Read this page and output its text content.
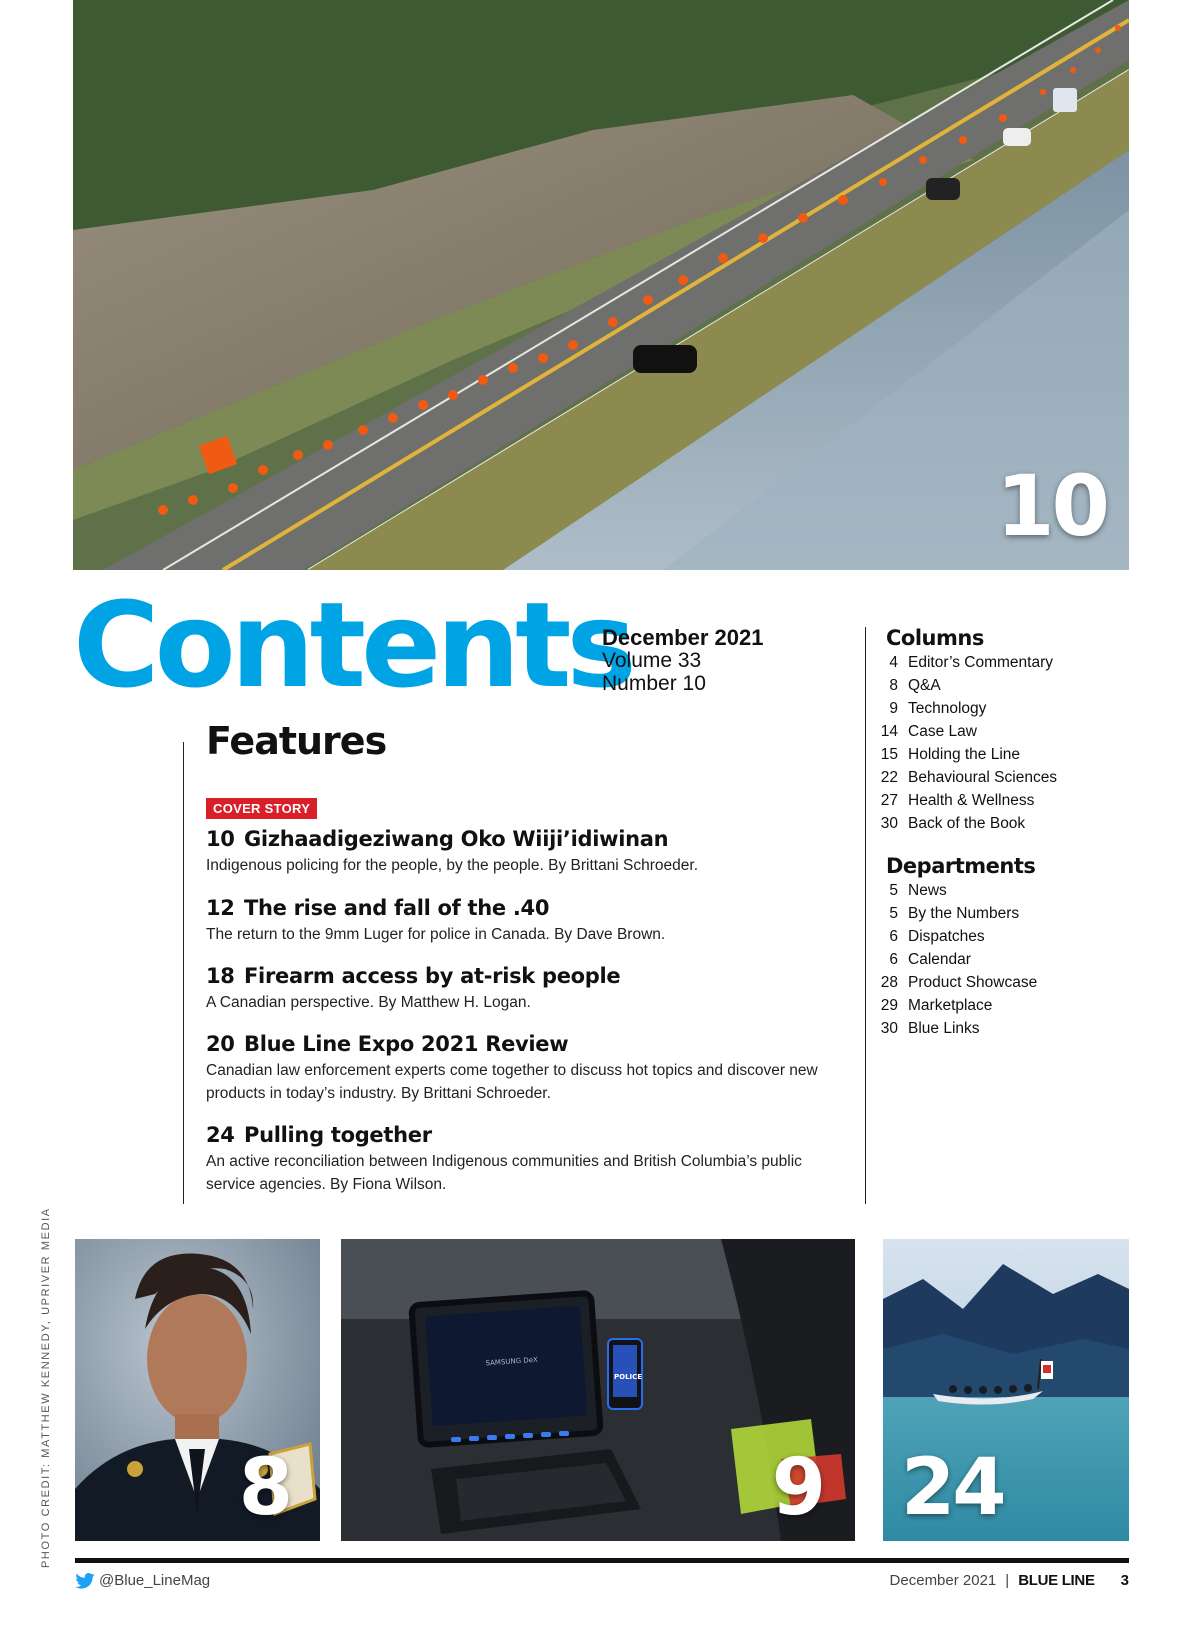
10
Contents
December 2021
Volume 33
Number 10
Features
COVER STORY
10 Gizhaadigeziwang Oko Wiiji’idiwinan
Indigenous policing for the people, by the people. By Brittani Schroeder.
12 The rise and fall of the .40
The return to the 9mm Luger for police in Canada. By Dave Brown.
18 Firearm access by at-risk people
A Canadian perspective. By Matthew H. Logan.
20 Blue Line Expo 2021 Review
Canadian law enforcement experts come together to discuss hot topics and discover new products in today’s industry. By Brittani Schroeder.
24 Pulling together
An active reconciliation between Indigenous communities and British Columbia’s public service agencies. By Fiona Wilson.
Columns
4 Editor’s Commentary
8 Q&A
9 Technology
14 Case Law
15 Holding the Line
22 Behavioural Sciences
27 Health & Wellness
30 Back of the Book
Departments
5 News
5 By the Numbers
6 Dispatches
6 Calendar
28 Product Showcase
29 Marketplace
30 Blue Links
PHOTO CREDIT: MATTHEW KENNEDY, UPRIVER MEDIA 8
SAMSUNG DeX
POLICE
9 24
@Blue_LineMag	December 2021 | BLUE LINE 3
